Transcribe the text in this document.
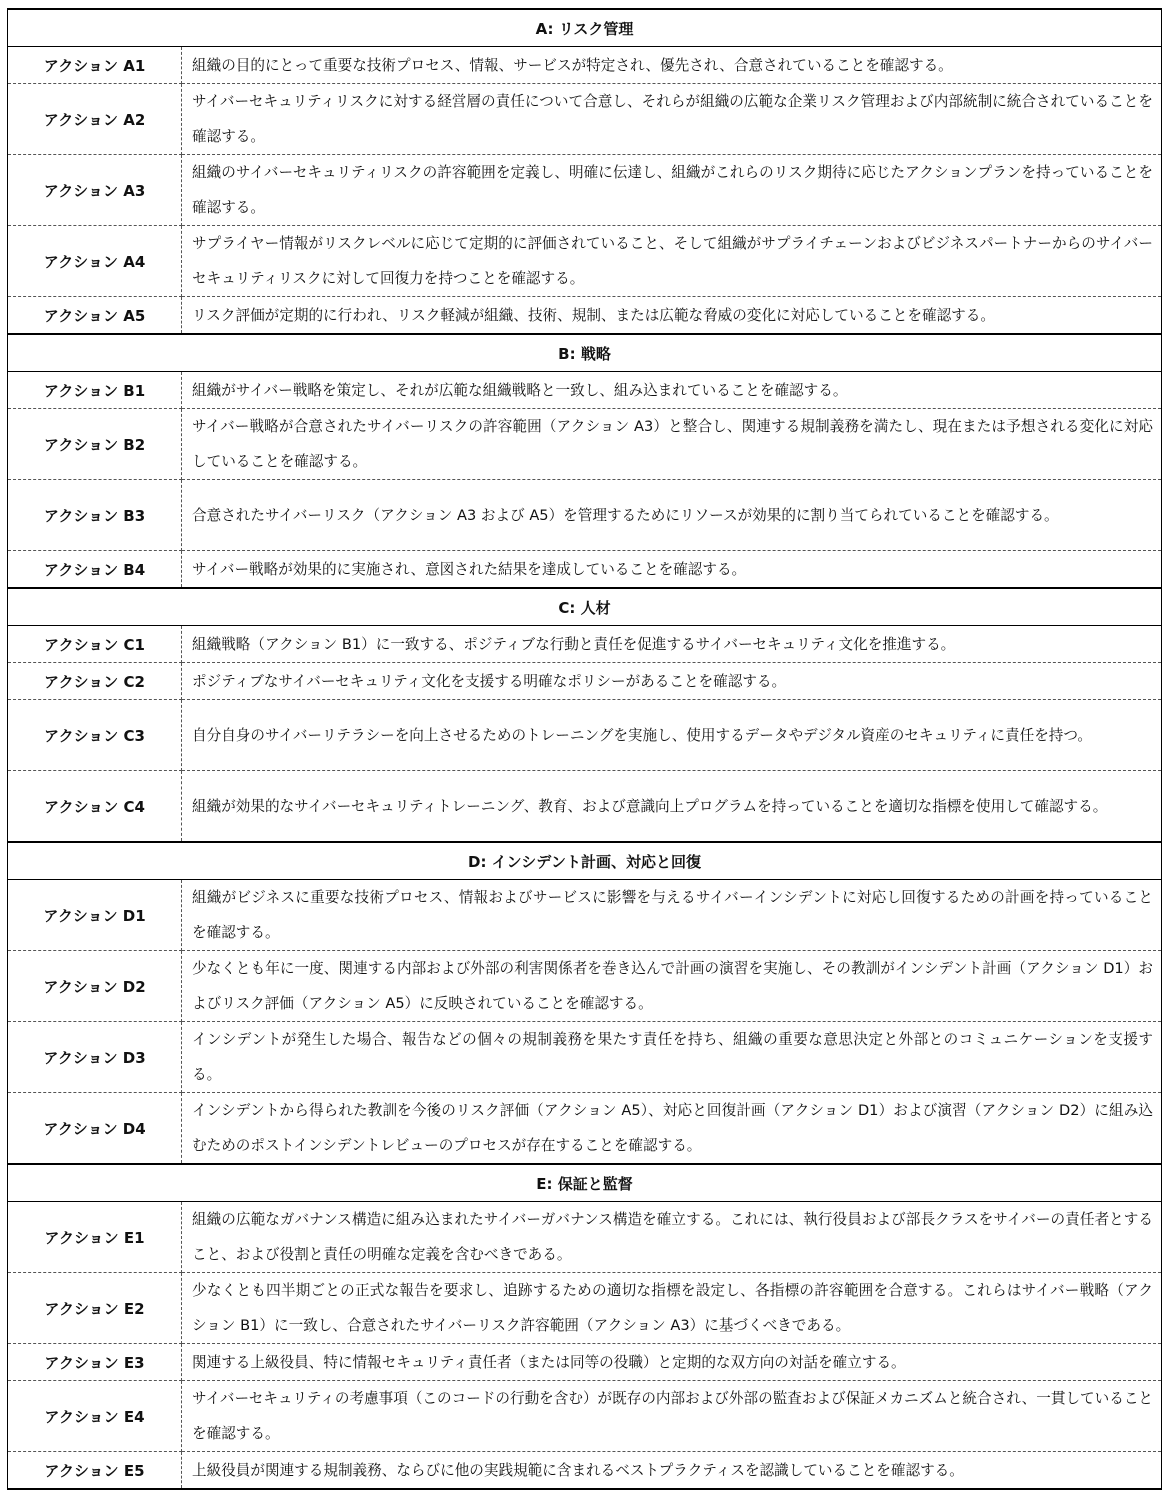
A: リスク管理	
アクション A1	組織の目的にとって重要な技術プロセス、情報、サービスが特定され、優先され、合意されていることを確認する。
アクション A2	サイバーセキュリティリスクに対する経営層の責任について合意し、それらが組織の広範な企業リスク管理および内部統制に統合されていることを確認する。
アクション A3	組織のサイバーセキュリティリスクの許容範囲を定義し、明確に伝達し、組織がこれらのリスク期待に応じたアクションプランを持っていることを確認する。
アクション A4	サプライヤー情報がリスクレベルに応じて定期的に評価されていること、そして組織がサプライチェーンおよびビジネスパートナーからのサイバーセキュリティリスクに対して回復力を持つことを確認する。
アクション A5	リスク評価が定期的に行われ、リスク軽減が組織、技術、規制、または広範な脅威の変化に対応していることを確認する。
B: 戦略	
アクション B1	組織がサイバー戦略を策定し、それが広範な組織戦略と一致し、組み込まれていることを確認する。
アクション B2	サイバー戦略が合意されたサイバーリスクの許容範囲（アクション A3）と整合し、関連する規制義務を満たし、現在または予想される変化に対応していることを確認する。
アクション B3	合意されたサイバーリスク（アクション A3 および A5）を管理するためにリソースが効果的に割り当てられていることを確認する。
アクション B4	サイバー戦略が効果的に実施され、意図された結果を達成していることを確認する。
C: 人材	
アクション C1	組織戦略（アクション B1）に一致する、ポジティブな行動と責任を促進するサイバーセキュリティ文化を推進する。
アクション C2	ポジティブなサイバーセキュリティ文化を支援する明確なポリシーがあることを確認する。
アクション C3	自分自身のサイバーリテラシーを向上させるためのトレーニングを実施し、使用するデータやデジタル資産のセキュリティに責任を持つ。
アクション C4	組織が効果的なサイバーセキュリティトレーニング、教育、および意識向上プログラムを持っていることを適切な指標を使用して確認する。
D: インシデント計画、対応と回復	
アクション D1	組織がビジネスに重要な技術プロセス、情報およびサービスに影響を与えるサイバーインシデントに対応し回復するための計画を持っていることを確認する。
アクション D2	少なくとも年に一度、関連する内部および外部の利害関係者を巻き込んで計画の演習を実施し、その教訓がインシデント計画（アクション D1）およびリスク評価（アクション A5）に反映されていることを確認する。
アクション D3	インシデントが発生した場合、報告などの個々の規制義務を果たす責任を持ち、組織の重要な意思決定と外部とのコミュニケーションを支援する。
アクション D4	インシデントから得られた教訓を今後のリスク評価（アクション A5）、対応と回復計画（アクション D1）および演習（アクション D2）に組み込むためのポストインシデントレビューのプロセスが存在することを確認する。
E: 保証と監督	
アクション E1	組織の広範なガバナンス構造に組み込まれたサイバーガバナンス構造を確立する。これには、執行役員および部長クラスをサイバーの責任者とすること、および役割と責任の明確な定義を含むべきである。
アクション E2	少なくとも四半期ごとの正式な報告を要求し、追跡するための適切な指標を設定し、各指標の許容範囲を合意する。これらはサイバー戦略（アクション B1）に一致し、合意されたサイバーリスク許容範囲（アクション A3）に基づくべきである。
アクション E3	関連する上級役員、特に情報セキュリティ責任者（または同等の役職）と定期的な双方向の対話を確立する。
アクション E4	サイバーセキュリティの考慮事項（このコードの行動を含む）が既存の内部および外部の監査および保証メカニズムと統合され、一貫していることを確認する。
アクション E5	上級役員が関連する規制義務、ならびに他の実践規範に含まれるベストプラクティスを認識していることを確認する。
